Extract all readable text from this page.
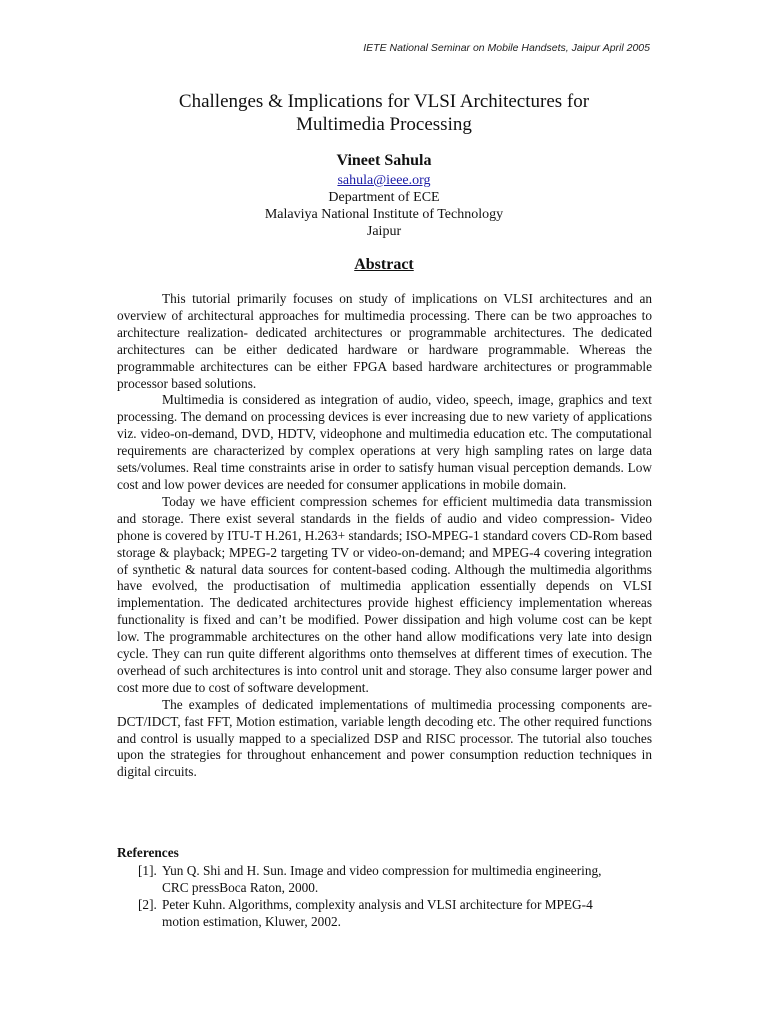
IETE National Seminar on Mobile Handsets, Jaipur April 2005
Challenges & Implications for VLSI Architectures for
Multimedia Processing
Vineet Sahula
sahula@ieee.org
Department of ECE
Malaviya National Institute of Technology
Jaipur
Abstract

This tutorial primarily focuses on study of implications on VLSI architectures and an overview of architectural approaches for multimedia processing. There can be two approaches to architecture realization- dedicated architectures or programmable architectures. The dedicated architectures can be either dedicated hardware or hardware programmable. Whereas the programmable architectures can be either FPGA based hardware architectures or programmable processor based solutions.

Multimedia is considered as integration of audio, video, speech, image, graphics and text processing. The demand on processing devices is ever increasing due to new variety of applications viz. video-on-demand, DVD, HDTV, videophone and multimedia education etc. The computational requirements are characterized by complex operations at very high sampling rates on large data sets/volumes. Real time constraints arise in order to satisfy human visual perception demands. Low cost and low power devices are needed for consumer applications in mobile domain.

Today we have efficient compression schemes for efficient multimedia data transmission and storage. There exist several standards in the fields of audio and video compression- Video phone is covered by ITU-T H.261, H.263+ standards; ISO-MPEG-1 standard covers CD-Rom based storage & playback; MPEG-2 targeting TV or video-on-demand; and MPEG-4 covering integration of synthetic & natural data sources for content-based coding. Although the multimedia algorithms have evolved, the productisation of multimedia application essentially depends on VLSI implementation. The dedicated architectures provide highest efficiency implementation whereas functionality is fixed and can’t be modified. Power dissipation and high volume cost can be kept low. The programmable architectures on the other hand allow modifications very late into design cycle. They can run quite different algorithms onto themselves at different times of execution. The overhead of such architectures is into control unit and storage. They also consume larger power and cost more due to cost of software development.

The examples of dedicated implementations of multimedia processing components are- DCT/IDCT, fast FFT, Motion estimation, variable length decoding etc. The other required functions and control is usually mapped to a specialized DSP and RISC processor. The tutorial also touches upon the strategies for throughout enhancement and power consumption reduction techniques in digital circuits.

References
[1]. Yun Q. Shi and H. Sun. Image and video compression for multimedia engineering, CRC pressBoca Raton, 2000.
[2]. Peter Kuhn. Algorithms, complexity analysis and VLSI architecture for MPEG-4 motion estimation, Kluwer, 2002.
